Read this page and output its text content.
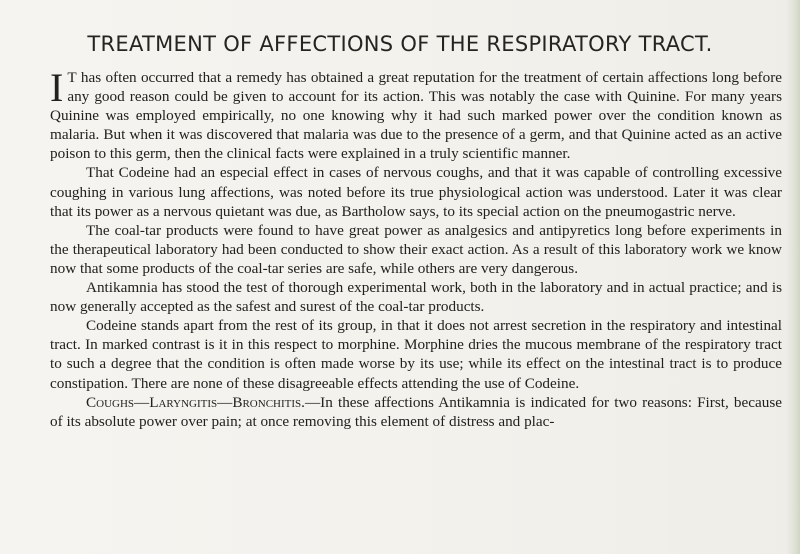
TREATMENT OF AFFECTIONS OF THE RESPIRATORY TRACT.

I T has often occurred that a remedy has obtained a great reputation for the treatment of certain affections long before any good reason could be given to account for its action. This was notably the case with Quinine. For many years Quinine was employed empirically, no one knowing why it had such marked power over the condition known as malaria. But when it was discovered that malaria was due to the presence of a germ, and that Quinine acted as an active poison to this germ, then the clinical facts were explained in a truly scientific manner.

That Codeine had an especial effect in cases of nervous coughs, and that it was capable of controlling excessive coughing in various lung affections, was noted before its true physiological action was understood. Later it was clear that its power as a nervous quietant was due, as Bartholow says, to its special action on the pneumogastric nerve.

The coal-tar products were found to have great power as analgesics and antipyretics long before experiments in the therapeutical laboratory had been conducted to show their exact action. As a result of this laboratory work we know now that some products of the coal-tar series are safe, while others are very dangerous.

Antikamnia has stood the test of thorough experimental work, both in the laboratory and in actual practice; and is now generally accepted as the safest and surest of the coal-tar products.

Codeine stands apart from the rest of its group, in that it does not arrest secretion in the respiratory and intestinal tract. In marked contrast is it in this respect to morphine. Morphine dries the mucous membrane of the respiratory tract to such a degree that the condition is often made worse by its use; while its effect on the intestinal tract is to produce constipation. There are none of these disagreeable effects attending the use of Codeine.

Coughs—Laryngitis—Bronchitis.—In these affections Antikamnia is indicated for two reasons: First, because of its absolute power over pain; at once removing this element of distress and plac-
